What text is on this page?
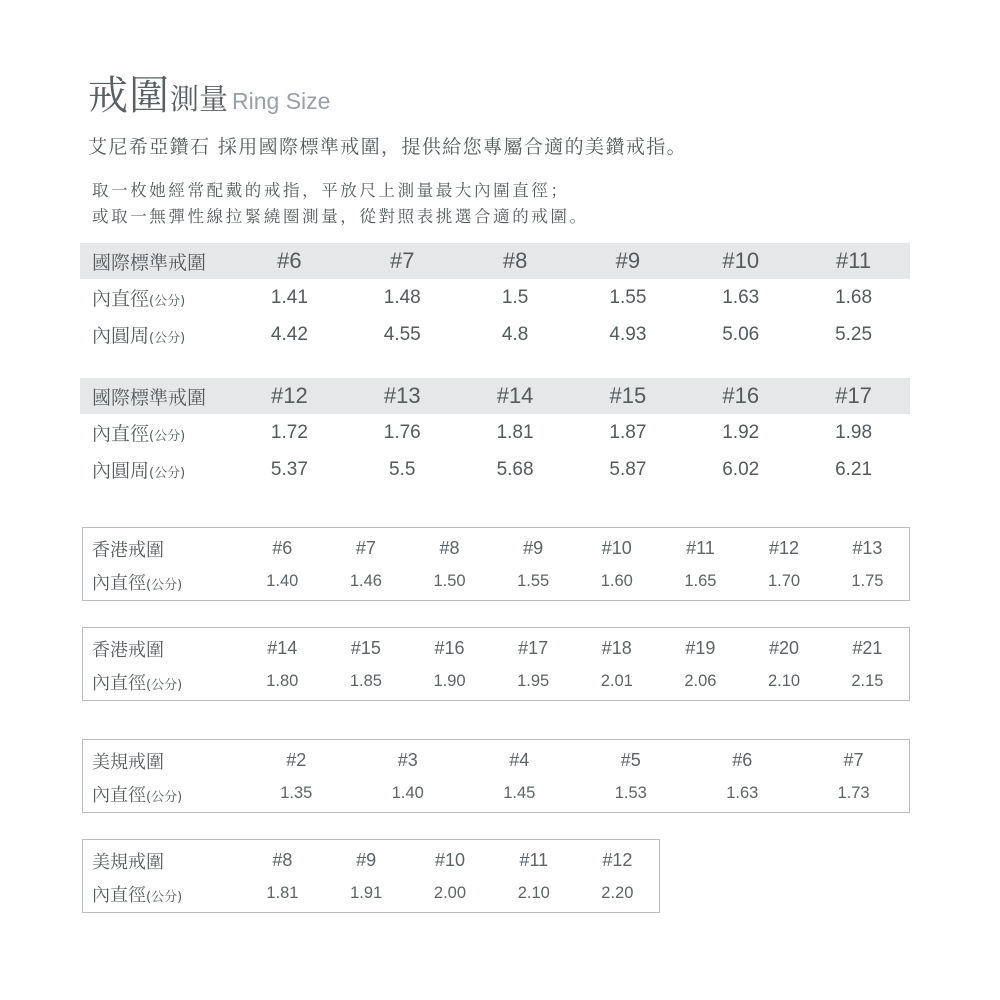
戒圍 測量 Ring Size
艾尼希亞鑽石 採用國際標準戒圍，提供給您專屬合適的美鑽戒指。
取一枚她經常配戴的戒指，平放尺上測量最大內圍直徑；
或取一無彈性線拉緊繞圈測量，從對照表挑選合適的戒圍。
國際標準戒圍	#6	#7	#8	#9	#10	#11
內直徑(公分)	1.41	1.48	1.5	1.55	1.63	1.68
內圓周(公分)	4.42	4.55	4.8	4.93	5.06	5.25
國際標準戒圍	#12	#13	#14	#15	#16	#17
內直徑(公分)	1.72	1.76	1.81	1.87	1.92	1.98
內圓周(公分)	5.37	5.5	5.68	5.87	6.02	6.21
香港戒圍	#6	#7	#8	#9	#10	#11	#12	#13
內直徑(公分)	1.40	1.46	1.50	1.55	1.60	1.65	1.70	1.75
香港戒圍	#14	#15	#16	#17	#18	#19	#20	#21
內直徑(公分)	1.80	1.85	1.90	1.95	2.01	2.06	2.10	2.15
美規戒圍	#2	#3	#4	#5	#6	#7
內直徑(公分)	1.35	1.40	1.45	1.53	1.63	1.73
美規戒圍	#8	#9	#10	#11	#12
內直徑(公分)	1.81	1.91	2.00	2.10	2.20
